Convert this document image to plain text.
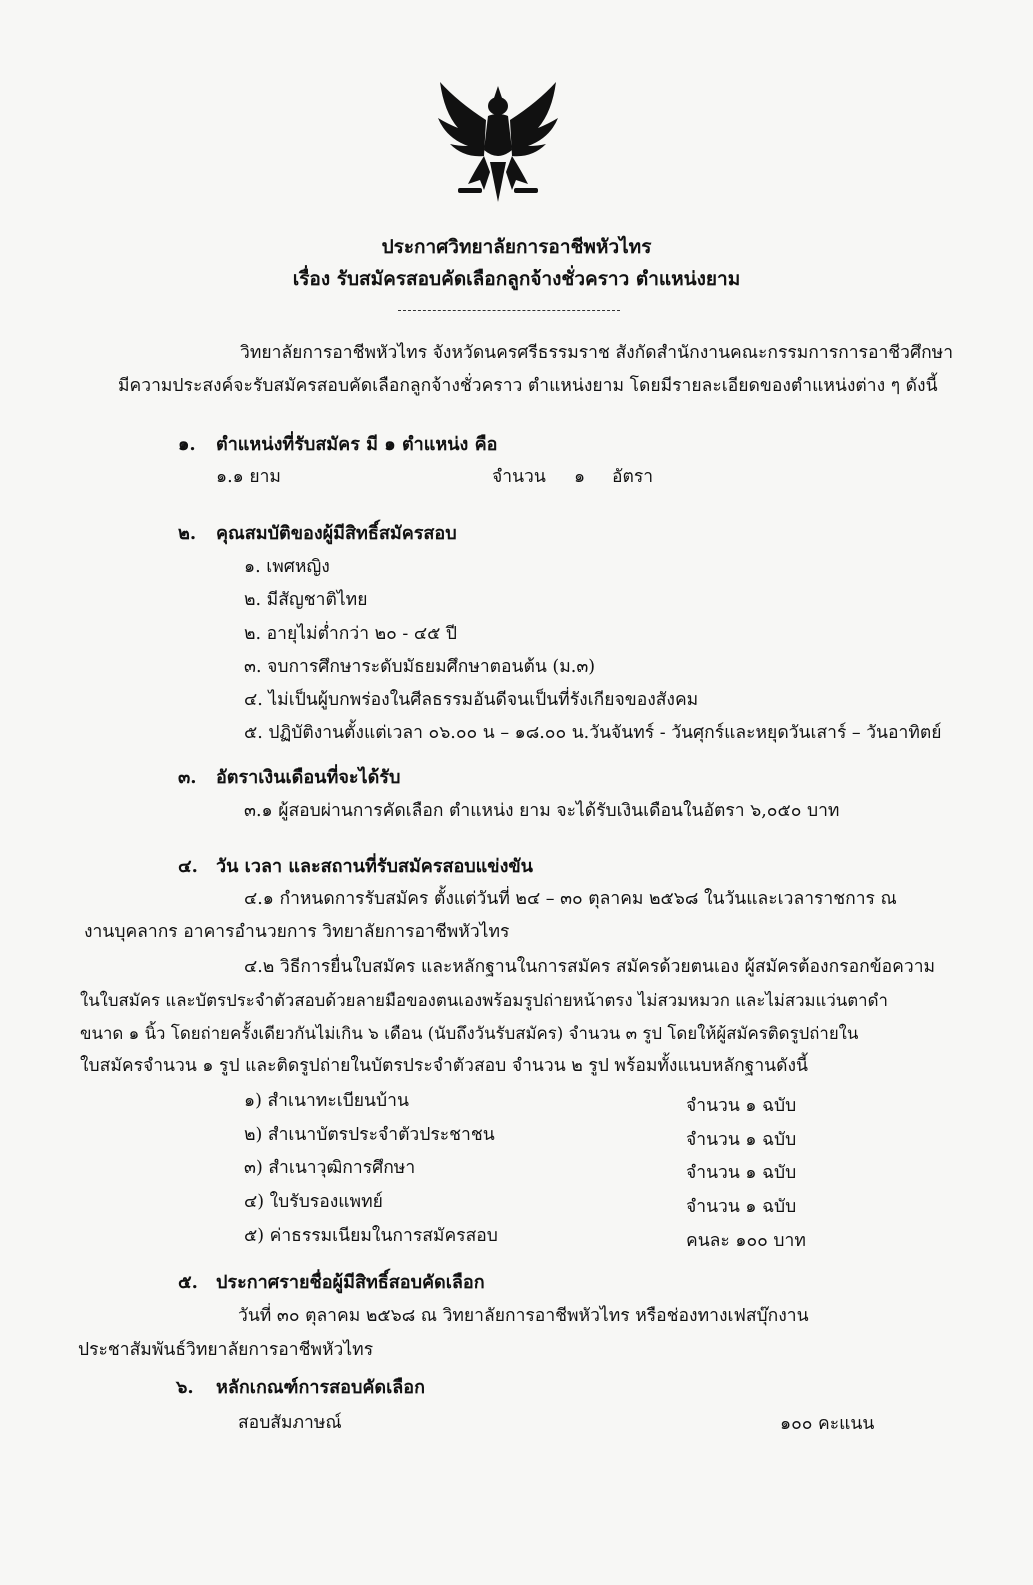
ประกาศวิทยาลัยการอาชีพหัวไทร
เรื่อง รับสมัครสอบคัดเลือกลูกจ้างชั่วคราว ตำแหน่งยาม
วิทยาลัยการอาชีพหัวไทร จังหวัดนครศรีธรรมราช สังกัดสำนักงานคณะกรรมการการอาชีวศึกษา
มีความประสงค์จะรับสมัครสอบคัดเลือกลูกจ้างชั่วคราว ตำแหน่งยาม โดยมีรายละเอียดของตำแหน่งต่าง ๆ ดังนี้
๑. ตำแหน่งที่รับสมัคร มี ๑ ตำแหน่ง คือ
๑.๑ ยาม	จำนวน ๑ อัตรา
๒. คุณสมบัติของผู้มีสิทธิ์สมัครสอบ
๑. เพศหญิง
๒. มีสัญชาติไทย
๒. อายุไม่ต่ำกว่า ๒๐ - ๔๕ ปี
๓. จบการศึกษาระดับมัธยมศึกษาตอนต้น (ม.๓)
๔. ไม่เป็นผู้บกพร่องในศีลธรรมอันดีจนเป็นที่รังเกียจของสังคม
๕. ปฏิบัติงานตั้งแต่เวลา ๐๖.๐๐ น – ๑๘.๐๐ น.วันจันทร์ - วันศุกร์และหยุดวันเสาร์ – วันอาทิตย์
๓. อัตราเงินเดือนที่จะได้รับ
๓.๑ ผู้สอบผ่านการคัดเลือก ตำแหน่ง ยาม จะได้รับเงินเดือนในอัตรา ๖,๐๕๐ บาท
๔. วัน เวลา และสถานที่รับสมัครสอบแข่งขัน
๔.๑ กำหนดการรับสมัคร ตั้งแต่วันที่ ๒๔ – ๓๐ ตุลาคม ๒๕๖๘ ในวันและเวลาราชการ ณ
งานบุคลากร อาคารอำนวยการ วิทยาลัยการอาชีพหัวไทร
๔.๒ วิธีการยื่นใบสมัคร และหลักฐานในการสมัคร สมัครด้วยตนเอง ผู้สมัครต้องกรอกข้อความ
ในใบสมัคร และบัตรประจำตัวสอบด้วยลายมือของตนเองพร้อมรูปถ่ายหน้าตรง ไม่สวมหมวก และไม่สวมแว่นตาดำ
ขนาด ๑ นิ้ว โดยถ่ายครั้งเดียวกันไม่เกิน ๖ เดือน (นับถึงวันรับสมัคร) จำนวน ๓ รูป โดยให้ผู้สมัครติดรูปถ่ายใน
ใบสมัครจำนวน ๑ รูป และติดรูปถ่ายในบัตรประจำตัวสอบ จำนวน ๒ รูป พร้อมทั้งแนบหลักฐานดังนี้
๑) สำเนาทะเบียนบ้าน	จำนวน ๑ ฉบับ
๒) สำเนาบัตรประจำตัวประชาชน	จำนวน ๑ ฉบับ
๓) สำเนาวุฒิการศึกษา	จำนวน ๑ ฉบับ
๔) ใบรับรองแพทย์	จำนวน ๑ ฉบับ
๕) ค่าธรรมเนียมในการสมัครสอบ	คนละ ๑๐๐ บาท
๕. ประกาศรายชื่อผู้มีสิทธิ์สอบคัดเลือก
วันที่ ๓๐ ตุลาคม ๒๕๖๘ ณ วิทยาลัยการอาชีพหัวไทร หรือช่องทางเฟสบุ๊กงาน
ประชาสัมพันธ์วิทยาลัยการอาชีพหัวไทร
๖. หลักเกณฑ์การสอบคัดเลือก
สอบสัมภาษณ์	๑๐๐ คะแนน
